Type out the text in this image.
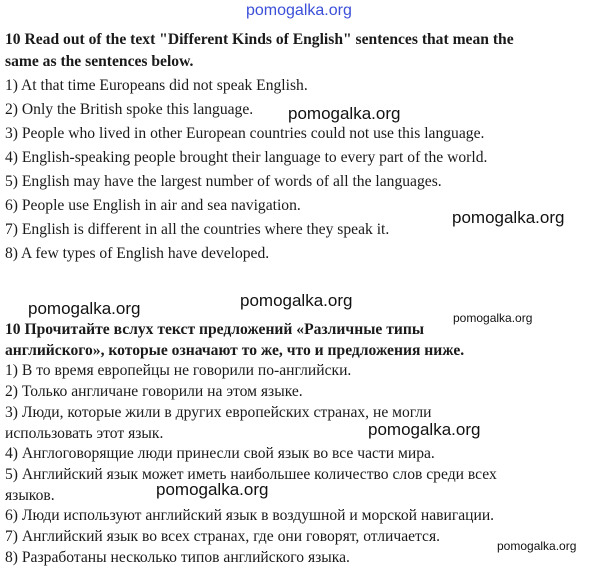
pomogalka.org
10 Read out of the text "Different Kinds of English" sentences that mean the
same as the sentences below.
1) At that time Europeans did not speak English.
2) Only the British spoke this language.
3) People who lived in other European countries could not use this language.
4) English-speaking people brought their language to every part of the world.
5) English may have the largest number of words of all the languages.
6) People use English in air and sea navigation.
7) English is different in all the countries where they speak it.
8) A few types of English have developed.
10 Прочитайте вслух текст предложений «Различные типы
английского», которые означают то же, что и предложения ниже.
1) В то время европейцы не говорили по-английски.
2) Только англичане говорили на этом языке.
3) Люди, которые жили в других европейских странах, не могли
использовать этот язык.
4) Англоговорящие люди принесли свой язык во все части мира.
5) Английский язык может иметь наибольшее количество слов среди всех
языков.
6) Люди используют английский язык в воздушной и морской навигации.
7) Английский язык во всех странах, где они говорят, отличается.
8) Разработаны несколько типов английского языка.
pomogalka.org
pomogalka.org
pomogalka.org	pomogalka.org
pomogalka.org
pomogalka.org
pomogalka.org
pomogalka.org
